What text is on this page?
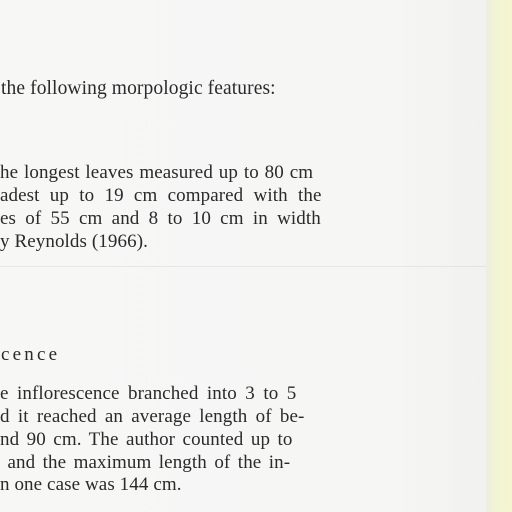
the following morpologic features:
he longest leaves measured up to 80 cm
adest up to 19 cm compared with the
es of 55 cm and 8 to 10 cm in width
y Reynolds (1966).
cence
e inflorescence branched into 3 to 5
d it reached an average length of be-
nd 90 cm. The author counted up to
and the maximum length of the in-
n one case was 144 cm.
